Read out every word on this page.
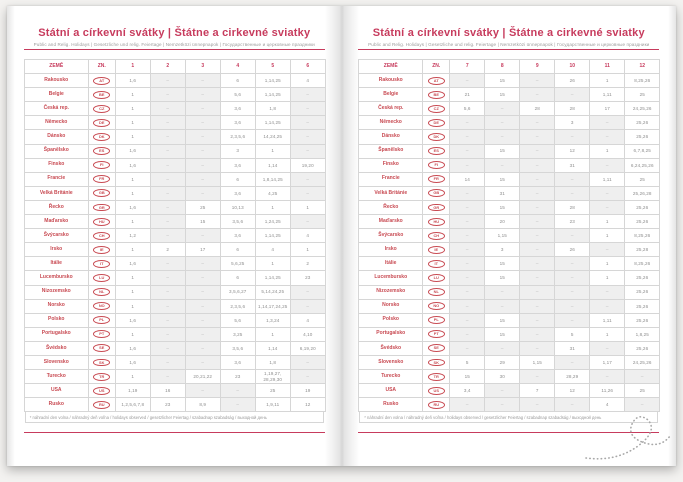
Státní a církevní svátky | Štátne a cirkevné sviatky

Public and Relig. Holidays | Gesetzliche und relig. Feiertage | Nemzetközi ünnepnapok | Государственные и церковные праздники

ZEMĚ	ZN.	1	2	3	4	5	6
Rakousko	AT	1,6	–	–	6	1,14,25	4
Belgie	BE	1	–	–	5,6	1,14,25	–
Česká rep.	CZ	1	–	–	3,6	1,8	–
Německo	DE	1	–	–	3,6	1,14,25	–
Dánsko	DK	1	–	–	2,3,5,6	14,24,25	–
Španělsko	ES	1,6	–	–	3	1	–
Finsko	FI	1,6	–	–	3,6	1,14	19,20
Francie	FR	1	–	–	6	1,8,14,25	–
Velká Británie	GB	1	–	–	3,6	4,25	–
Řecko	GR	1,6	–	25	10,13	1	1
Maďarsko	HU	1	–	15	3,5,6	1,24,25	–
Švýcarsko	CH	1,2	–	–	3,6	1,14,25	4
Irsko	IE	1	2	17	6	4	1
Itálie	IT	1,6	–	–	5,6,25	1	2
Lucembursko	LU	1	–	–	6	1,14,25	23
Nizozemsko	NL	1	–	–	3,5,6,27	5,14,24,25	–
Norsko	NO	1	–	–	2,3,5,6	1,14,17,24,25	–
Polsko	PL	1,6	–	–	5,6	1,3,24	4
Portugalsko	PT	1	–	–	3,25	1	4,10
Švédsko	SE	1,6	–	–	3,5,6	1,14	6,19,20
Slovensko	SK	1,6	–	–	3,6	1,8	–
Turecko	TR	1	–	20,21,22	23	1,19,27, 28,29,30	–
USA	US	1,19	16	–	–	25	19
Rusko	RU	1,2,5,6,7,8	23	8,9	–	1,9,11	12
* náhradní den volna / náhradný deň voľna / holidays observed / gesetzlicher Feiertag / szabadnap szabadság / выходной день
Státní a církevní svátky | Štátne a cirkevné sviatky

Public and Relig. Holidays | Gesetzliche und relig. Feiertage | Nemzetközi ünnepnapok | Государственные и церковные праздники

ZEMĚ	ZN.	7	8	9	10	11	12
Rakousko	AT	–	15	–	26	1	8,25,26
Belgie	BE	21	15	–	–	1,11	25
Česká rep.	CZ	5,6	–	28	28	17	24,25,26
Německo	DE	–	–	–	3	–	25,26
Dánsko	DK	–	–	–	–	–	25,26
Španělsko	ES	–	15	–	12	1	6,7,8,25
Finsko	FI	–	–	–	31	–	6,24,25,26
Francie	FR	14	15	–	–	1,11	25
Velká Británie	GB	–	31	–	–	–	25,26,28
Řecko	GR	–	15	–	28	–	25,26
Maďarsko	HU	–	20	–	23	1	25,26
Švýcarsko	CH	–	1,15	–	–	1	8,25,26
Irsko	IE	–	3	–	26	–	25,28
Itálie	IT	–	15	–	–	1	8,25,26
Lucembursko	LU	–	15	–	–	1	25,26
Nizozemsko	NL	–	–	–	–	–	25,26
Norsko	NO	–	–	–	–	–	25,26
Polsko	PL	–	15	–	–	1,11	25,26
Portugalsko	PT	–	15	–	5	1	1,8,25
Švédsko	SE	–	–	–	31	–	25,26
Slovensko	SK	5	29	1,15	–	1,17	24,25,26
Turecko	TR	15	30	–	28,29	–	–
USA	US	3,4	–	7	12	11,26	25
Rusko	RU	–	–	–	–	4	–
* náhradní den volna / náhradný deň voľna / holidays observed / gesetzlicher Feiertag / szabadnap szabadság / выходной день
